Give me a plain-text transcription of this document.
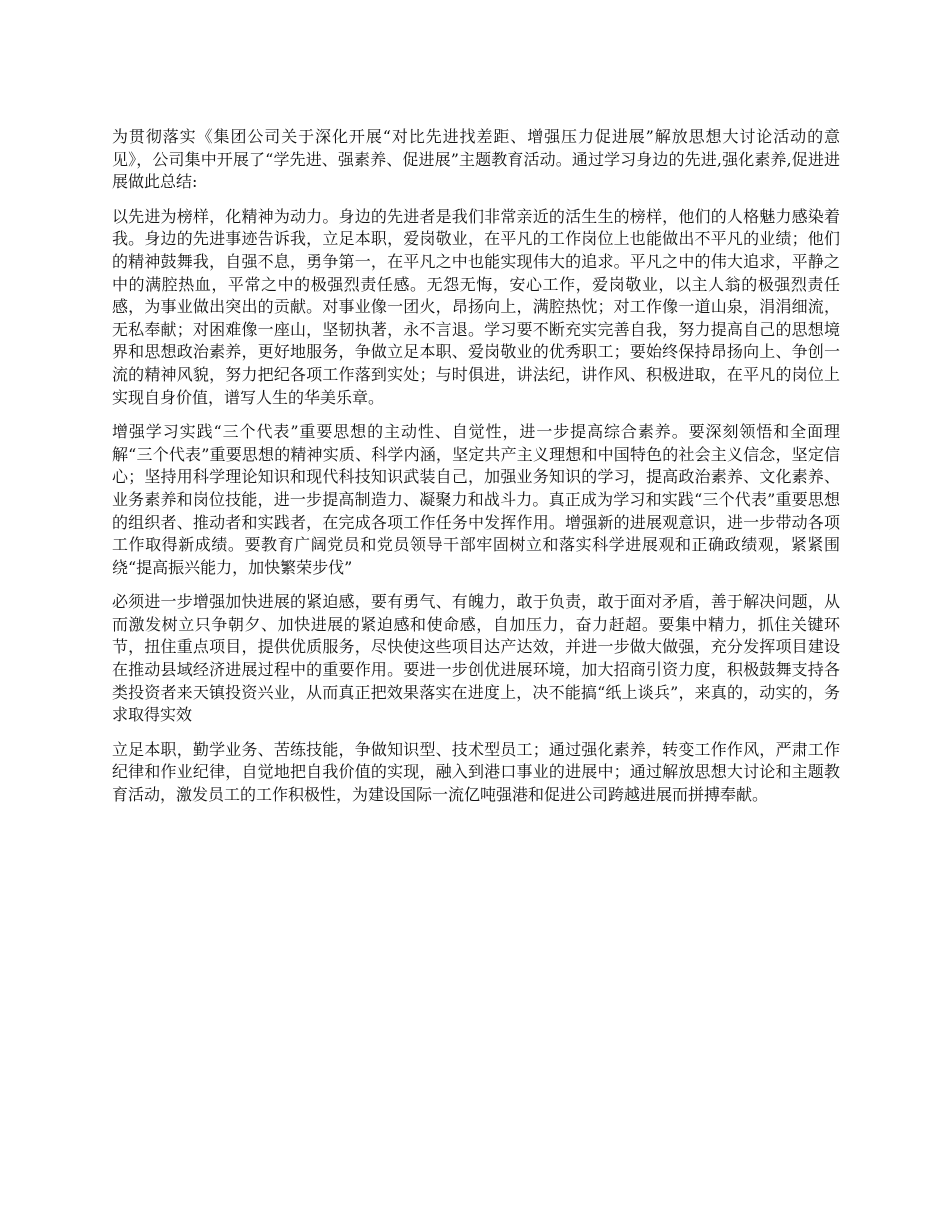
为贯彻落实《集团公司关于深化开展“对比先进找差距、增强压力促进展”解放思想大讨论活动的意见》，公司集中开展了“学先进、强素养、促进展”主题教育活动。通过学习身边的先进,强化素养,促进进展做此总结:

以先进为榜样，化精神为动力。身边的先进者是我们非常亲近的活生生的榜样，他们的人格魅力感染着我。身边的先进事迹告诉我，立足本职，爱岗敬业，在平凡的工作岗位上也能做出不平凡的业绩；他们的精神鼓舞我，自强不息，勇争第一，在平凡之中也能实现伟大的追求。平凡之中的伟大追求，平静之中的满腔热血，平常之中的极强烈责任感。无怨无悔，安心工作，爱岗敬业，以主人翁的极强烈责任感，为事业做出突出的贡献。对事业像一团火，昂扬向上，满腔热忱；对工作像一道山泉，涓涓细流，无私奉献；对困难像一座山，坚韧执著，永不言退。学习要不断充实完善自我，努力提高自己的思想境界和思想政治素养，更好地服务，争做立足本职、爱岗敬业的优秀职工；要始终保持昂扬向上、争创一流的精神风貌，努力把纪各项工作落到实处；与时俱进，讲法纪，讲作风、积极进取，在平凡的岗位上实现自身价值，谱写人生的华美乐章。

增强学习实践“三个代表”重要思想的主动性、自觉性，进一步提高综合素养。要深刻领悟和全面理解“三个代表”重要思想的精神实质、科学内涵，坚定共产主义理想和中国特色的社会主义信念，坚定信心；坚持用科学理论知识和现代科技知识武装自己，加强业务知识的学习，提高政治素养、文化素养、业务素养和岗位技能，进一步提高制造力、凝聚力和战斗力。真正成为学习和实践“三个代表”重要思想的组织者、推动者和实践者，在完成各项工作任务中发挥作用。增强新的进展观意识，进一步带动各项工作取得新成绩。要教育广阔党员和党员领导干部牢固树立和落实科学进展观和正确政绩观，紧紧围绕“提高振兴能力，加快繁荣步伐”

必须进一步增强加快进展的紧迫感，要有勇气、有魄力，敢于负责，敢于面对矛盾，善于解决问题，从而激发树立只争朝夕、加快进展的紧迫感和使命感，自加压力，奋力赶超。要集中精力，抓住关键环节，扭住重点项目，提供优质服务，尽快使这些项目达产达效，并进一步做大做强，充分发挥项目建设在推动县域经济进展过程中的重要作用。要进一步创优进展环境，加大招商引资力度，积极鼓舞支持各类投资者来天镇投资兴业，从而真正把效果落实在进度上，决不能搞“纸上谈兵”，来真的，动实的，务求取得实效

立足本职，勤学业务、苦练技能，争做知识型、技术型员工；通过强化素养，转变工作作风，严肃工作纪律和作业纪律，自觉地把自我价值的实现，融入到港口事业的进展中；通过解放思想大讨论和主题教育活动，激发员工的工作积极性，为建设国际一流亿吨强港和促进公司跨越进展而拼搏奉献。
